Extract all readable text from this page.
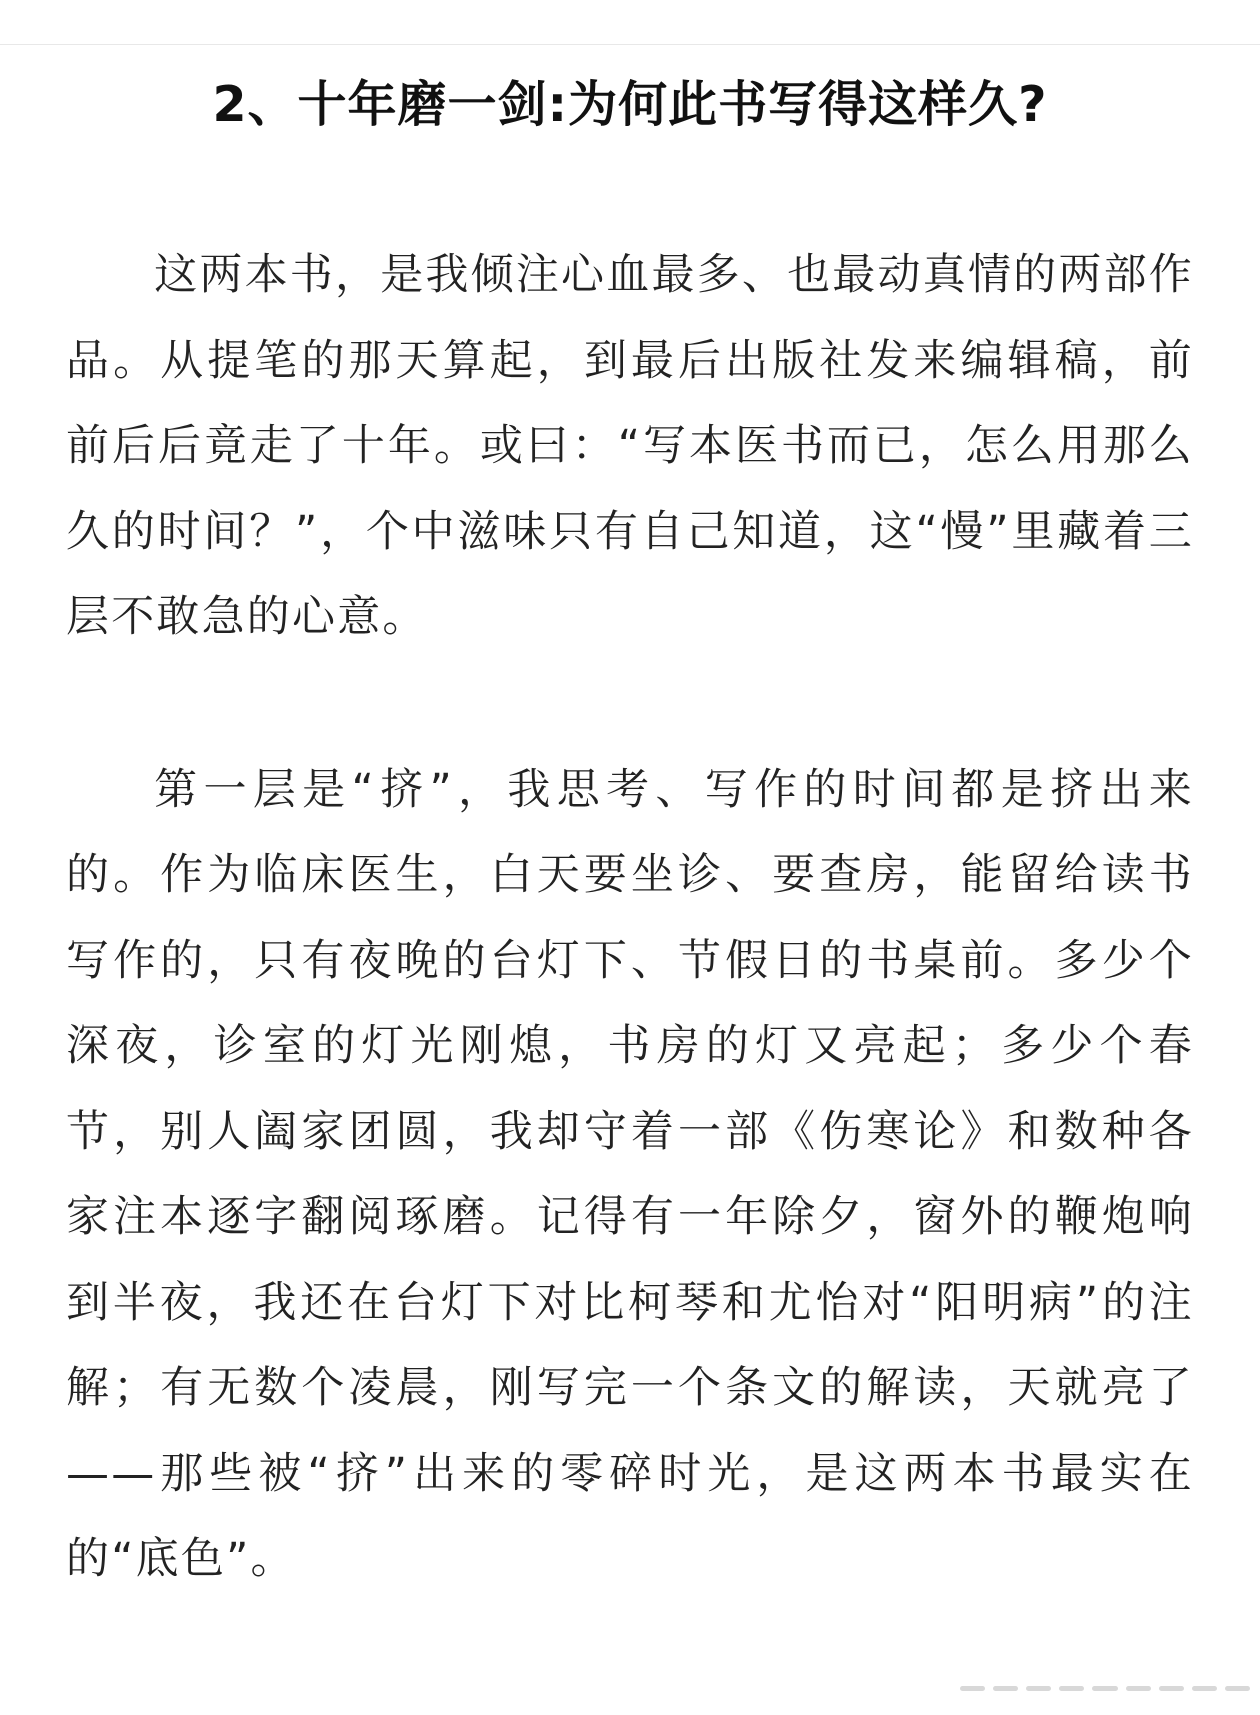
2、十年磨一剑:为何此书写得这样久?

这两本书，是我倾注心血最多、也最动真情的两部作品。从提笔的那天算起，到最后出版社发来编辑稿，前前后后竟走了十年。或曰：“写本医书而已，怎么用那么久的时间？”，个中滋味只有自己知道，这“慢”里藏着三层不敢急的心意。

第一层是“挤”，我思考、写作的时间都是挤出来的。作为临床医生，白天要坐诊、要查房，能留给读书写作的，只有夜晚的台灯下、节假日的书桌前。多少个深夜，诊室的灯光刚熄，书房的灯又亮起；多少个春节，别人阖家团圆，我却守着一部《伤寒论》和数种各家注本逐字翻阅琢磨。记得有一年除夕，窗外的鞭炮响到半夜，我还在台灯下对比柯琴和尤怡对“阳明病”的注解；有无数个凌晨，刚写完一个条文的解读，天就亮了——那些被“挤”出来的零碎时光，是这两本书最实在的“底色”。
